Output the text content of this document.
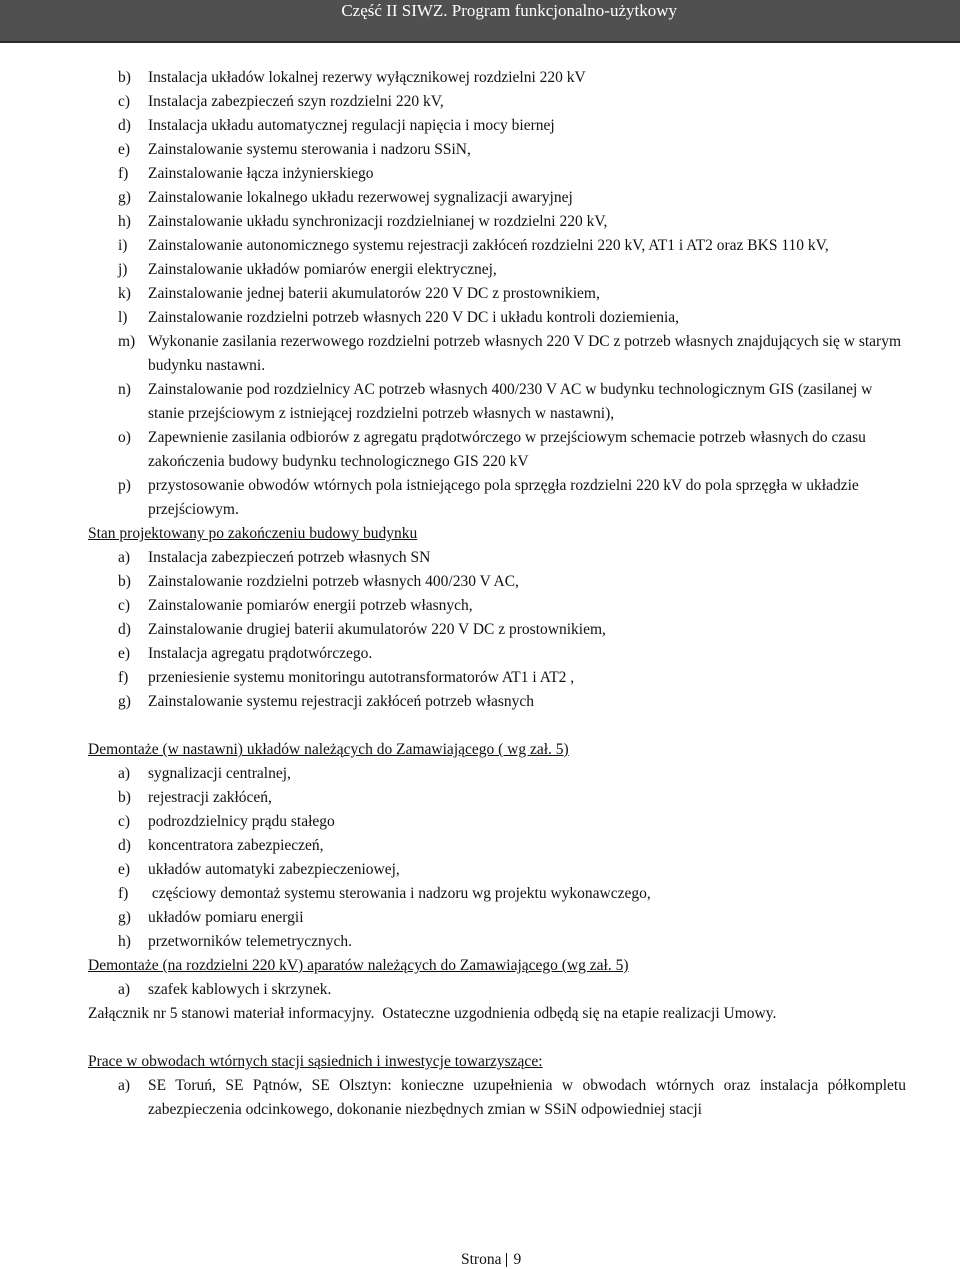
Część II SIWZ. Program funkcjonalno-użytkowy
b) Instalacja układów lokalnej rezerwy wyłącznikowej rozdzielni 220 kV
c) Instalacja zabezpieczeń szyn rozdzielni 220 kV,
d) Instalacja układu automatycznej regulacji napięcia i mocy biernej
e) Zainstalowanie systemu sterowania i nadzoru SSiN,
f) Zainstalowanie łącza inżynierskiego
g) Zainstalowanie lokalnego układu rezerwowej sygnalizacji awaryjnej
h) Zainstalowanie układu synchronizacji rozdzielnianej w rozdzielni 220 kV,
i) Zainstalowanie autonomicznego systemu rejestracji zakłóceń rozdzielni 220 kV, AT1 i AT2 oraz BKS 110 kV,
j) Zainstalowanie układów pomiarów energii elektrycznej,
k) Zainstalowanie jednej baterii akumulatorów 220 V DC z prostownikiem,
l) Zainstalowanie rozdzielni potrzeb własnych 220 V DC i układu kontroli doziemienia,
m) Wykonanie zasilania rezerwowego rozdzielni potrzeb własnych 220 V DC z potrzeb własnych znajdujących się w starym budynku nastawni.
n) Zainstalowanie pod rozdzielnicy AC potrzeb własnych 400/230 V AC w budynku technologicznym GIS (zasilanej w stanie przejściowym z istniejącej rozdzielni potrzeb własnych w nastawni),
o) Zapewnienie zasilania odbiorów z agregatu prądotwórczego w przejściowym schemacie potrzeb własnych do czasu zakończenia budowy budynku technologicznego GIS 220 kV
p) przystosowanie obwodów wtórnych pola istniejącego pola sprzęgła rozdzielni 220 kV do pola sprzęgła w układzie przejściowym.
Stan projektowany po zakończeniu budowy budynku
a) Instalacja zabezpieczeń potrzeb własnych SN
b) Zainstalowanie rozdzielni potrzeb własnych 400/230 V AC,
c) Zainstalowanie pomiarów energii potrzeb własnych,
d) Zainstalowanie drugiej baterii akumulatorów 220 V DC z prostownikiem,
e) Instalacja agregatu prądotwórczego.
f) przeniesienie systemu monitoringu autotransformatorów AT1 i AT2 ,
g) Zainstalowanie systemu rejestracji zakłóceń potrzeb własnych
Demontaże (w nastawni) układów należących do Zamawiającego ( wg zał. 5)
a) sygnalizacji centralnej,
b) rejestracji zakłóceń,
c) podrozdzielnicy prądu stałego
d) koncentratora zabezpieczeń,
e) układów automatyki zabezpieczeniowej,
f) częściowy demontaż systemu sterowania i nadzoru wg projektu wykonawczego,
g) układów pomiaru energii
h) przetworników telemetrycznych.
Demontaże (na rozdzielni 220 kV) aparatów należących do Zamawiającego (wg zał. 5)
a) szafek kablowych i skrzynek.
Załącznik nr 5 stanowi materiał informacyjny.  Ostateczne uzgodnienia odbędą się na etapie realizacji Umowy.
Prace w obwodach wtórnych stacji sąsiednich i inwestycje towarzyszące:
a) SE Toruń, SE Pątnów, SE Olsztyn: konieczne uzupełnienia w obwodach wtórnych oraz instalacja półkompletu zabezpieczenia odcinkowego, dokonanie niezbędnych zmian w SSiN odpowiedniej stacji
Strona 9
